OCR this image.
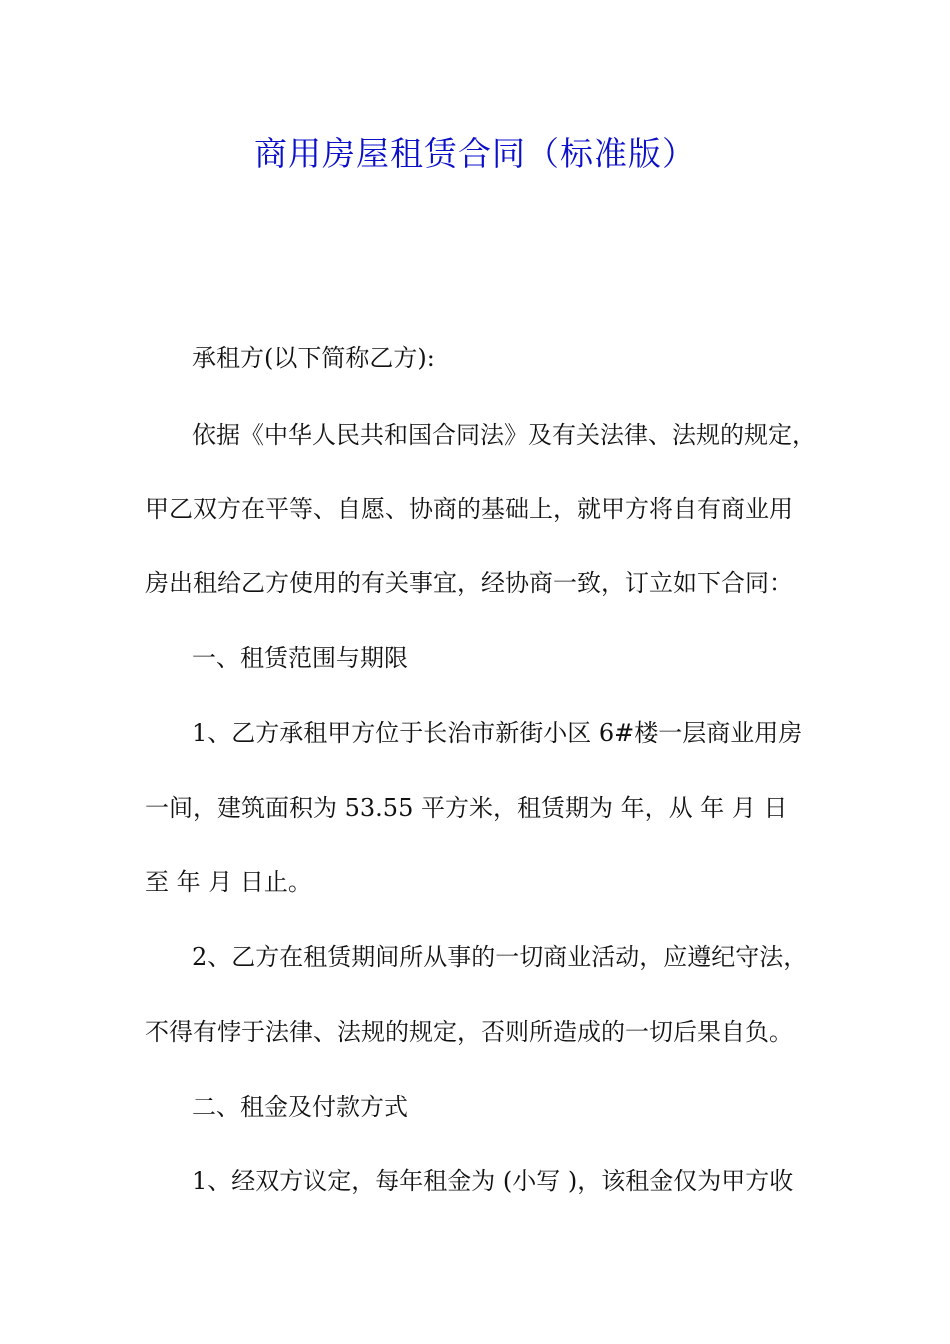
商用房屋租赁合同（标准版）

承租方(以下简称乙方):

依据《中华人民共和国合同法》及有关法律、法规的规定，

甲乙双方在平等、自愿、协商的基础上，就甲方将自有商业用

房出租给乙方使用的有关事宜，经协商一致，订立如下合同：

一、租赁范围与期限

1、乙方承租甲方位于长治市新街小区 6#楼一层商业用房

一间，建筑面积为 53.55 平方米，租赁期为 年，从 年 月 日

至 年 月 日止。

2、乙方在租赁期间所从事的一切商业活动，应遵纪守法，

不得有悖于法律、法规的规定，否则所造成的一切后果自负。

二、租金及付款方式

1、经双方议定，每年租金为 (小写 )，该租金仅为甲方收
